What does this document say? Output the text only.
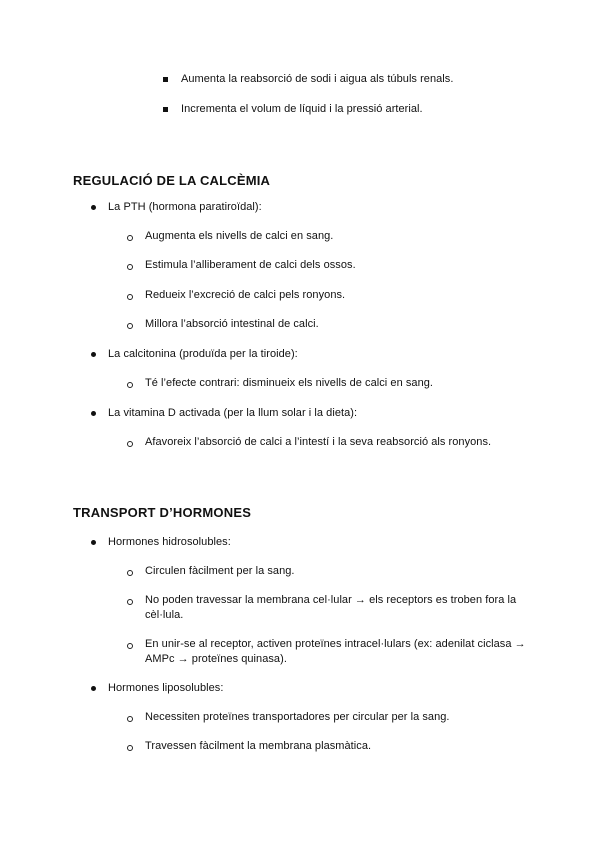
Aumenta la reabsorció de sodi i aigua als túbuls renals.
Incrementa el volum de líquid i la pressió arterial.
REGULACIÓ DE LA CALCÈMIA
La PTH (hormona paratiroïdal):
Augmenta els nivells de calci en sang.
Estimula l’alliberament de calci dels ossos.
Redueix l’excreció de calci pels ronyons.
Millora l’absorció intestinal de calci.
La calcitonina (produïda per la tiroide):
Té l’efecte contrari: disminueix els nivells de calci en sang.
La vitamina D activada (per la llum solar i la dieta):
Afavoreix l’absorció de calci a l’intestí i la seva reabsorció als ronyons.
TRANSPORT D’HORMONES
Hormones hidrosolubles:
Circulen fàcilment per la sang.
No poden travessar la membrana cel·lular → els receptors es troben fora la
cèl·lula.
En unir-se al receptor, activen proteïnes intracel·lulars (ex: adenilat ciclasa →
AMPc → proteïnes quinasa).
Hormones liposolubles:
Necessiten proteïnes transportadores per circular per la sang.
Travessen fàcilment la membrana plasmàtica.
